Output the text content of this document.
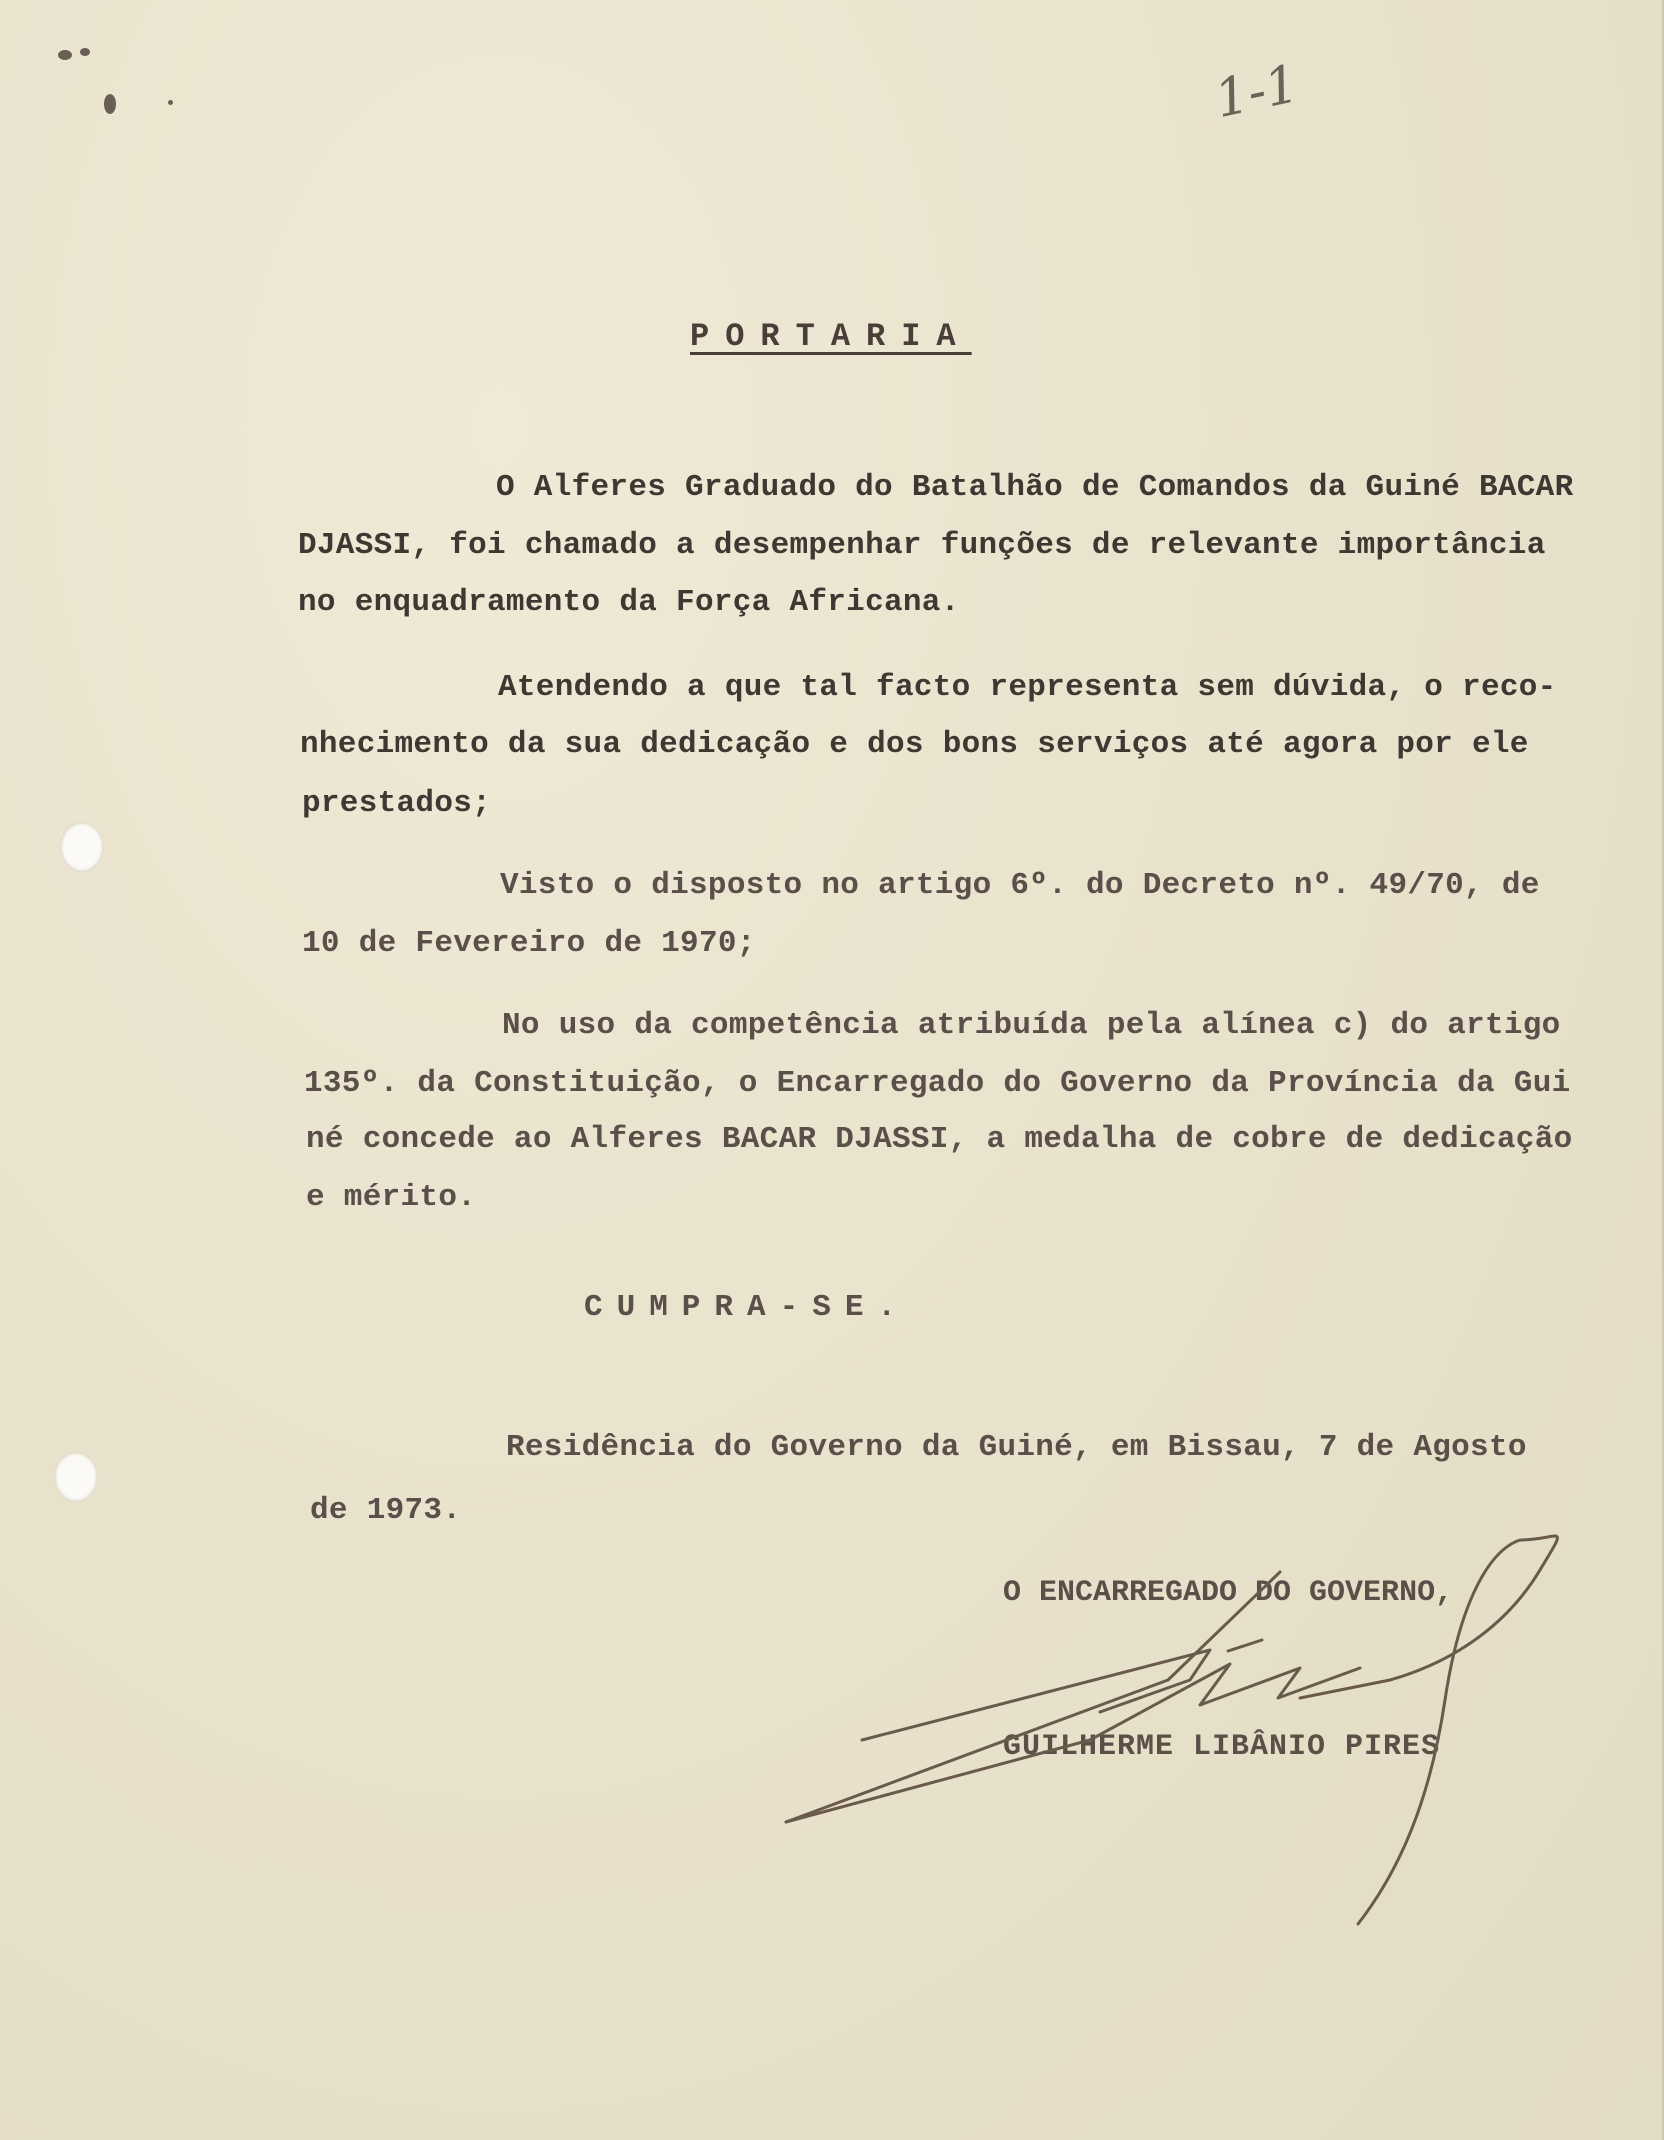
1-1
PORTARIA
O Alferes Graduado do Batalhão de Comandos da Guiné BACAR
DJASSI, foi chamado a desempenhar funções de relevante importância
no enquadramento da Força Africana.
Atendendo a que tal facto representa sem dúvida, o reco-
nhecimento da sua dedicação e dos bons serviços até agora por ele
prestados;
Visto o disposto no artigo 6º. do Decreto nº. 49/70, de
10 de Fevereiro de 1970;
No uso da competência atribuída pela alínea c) do artigo
135º. da Constituição, o Encarregado do Governo da Província da Gui
né concede ao Alferes BACAR DJASSI, a medalha de cobre de dedicação
e mérito.
CUMPRA-SE.
Residência do Governo da Guiné, em Bissau, 7 de Agosto
de 1973.
O ENCARREGADO DO GOVERNO,
GUILHERME LIBÂNIO PIRES
